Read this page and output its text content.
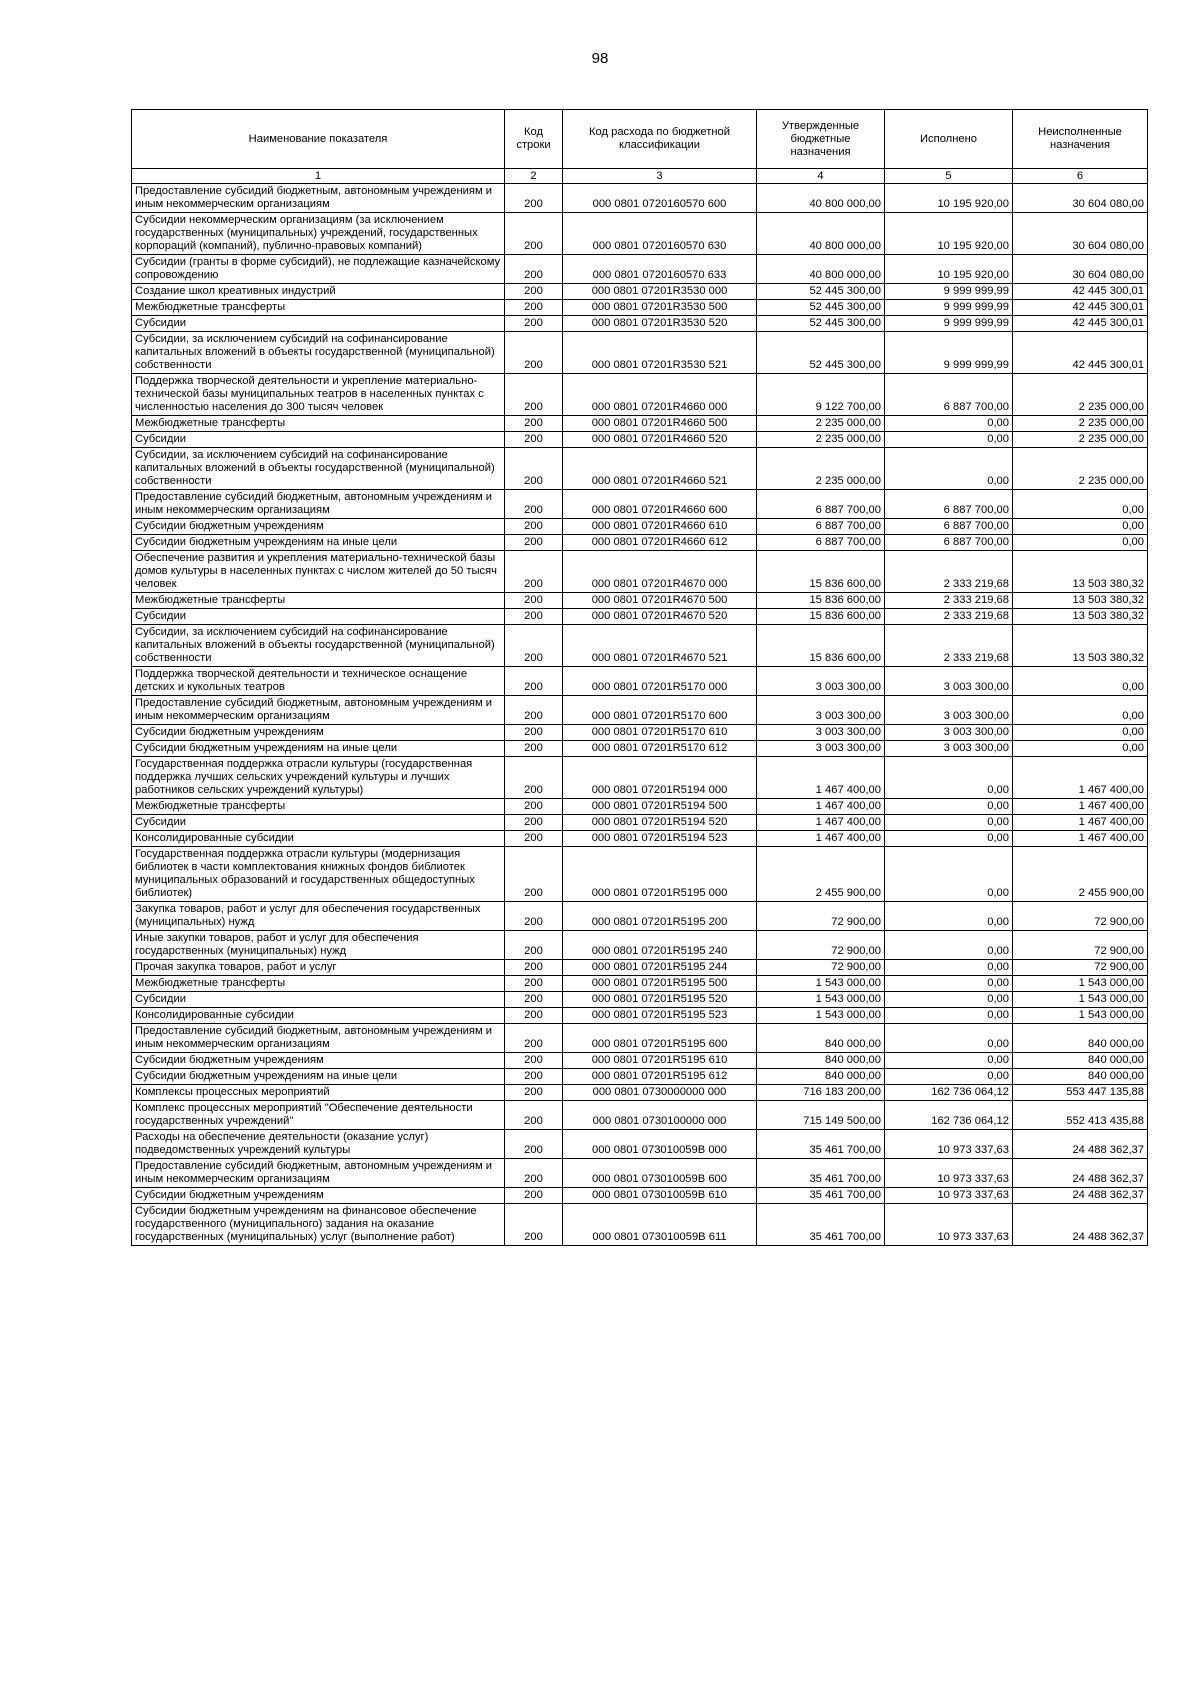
98
Наименование показателя	Код строки	Код расхода по бюджетной классификации	Утвержденные бюджетные назначения	Исполнено	Неисполненные назначения
1	2	3	4	5	6
Предоставление субсидий бюджетным, автономным учреждениям и иным некоммерческим организациям	200	000 0801 0720160570 600	40 800 000,00	10 195 920,00	30 604 080,00
Субсидии некоммерческим организациям (за исключением государственных (муниципальных) учреждений, государственных корпораций (компаний), публично-правовых компаний)	200	000 0801 0720160570 630	40 800 000,00	10 195 920,00	30 604 080,00
Субсидии (гранты в форме субсидий), не подлежащие казначейскому сопровождению	200	000 0801 0720160570 633	40 800 000,00	10 195 920,00	30 604 080,00
Создание школ креативных индустрий	200	000 0801 07201R3530 000	52 445 300,00	9 999 999,99	42 445 300,01
Межбюджетные трансферты	200	000 0801 07201R3530 500	52 445 300,00	9 999 999,99	42 445 300,01
Субсидии	200	000 0801 07201R3530 520	52 445 300,00	9 999 999,99	42 445 300,01
Субсидии, за исключением субсидий на софинансирование капитальных вложений в объекты государственной (муниципальной) собственности	200	000 0801 07201R3530 521	52 445 300,00	9 999 999,99	42 445 300,01
Поддержка творческой деятельности и укрепление материально-технической базы муниципальных театров в населенных пунктах с численностью населения до 300 тысяч человек	200	000 0801 07201R4660 000	9 122 700,00	6 887 700,00	2 235 000,00
Межбюджетные трансферты	200	000 0801 07201R4660 500	2 235 000,00	0,00	2 235 000,00
Субсидии	200	000 0801 07201R4660 520	2 235 000,00	0,00	2 235 000,00
Субсидии, за исключением субсидий на софинансирование капитальных вложений в объекты государственной (муниципальной) собственности	200	000 0801 07201R4660 521	2 235 000,00	0,00	2 235 000,00
Предоставление субсидий бюджетным, автономным учреждениям и иным некоммерческим организациям	200	000 0801 07201R4660 600	6 887 700,00	6 887 700,00	0,00
Субсидии бюджетным учреждениям	200	000 0801 07201R4660 610	6 887 700,00	6 887 700,00	0,00
Субсидии бюджетным учреждениям на иные цели	200	000 0801 07201R4660 612	6 887 700,00	6 887 700,00	0,00
Обеспечение развития и укрепления материально-технической базы домов культуры в населенных пунктах с числом жителей до 50 тысяч человек	200	000 0801 07201R4670 000	15 836 600,00	2 333 219,68	13 503 380,32
Межбюджетные трансферты	200	000 0801 07201R4670 500	15 836 600,00	2 333 219,68	13 503 380,32
Субсидии	200	000 0801 07201R4670 520	15 836 600,00	2 333 219,68	13 503 380,32
Субсидии, за исключением субсидий на софинансирование капитальных вложений в объекты государственной (муниципальной) собственности	200	000 0801 07201R4670 521	15 836 600,00	2 333 219,68	13 503 380,32
Поддержка творческой деятельности и техническое оснащение детских и кукольных театров	200	000 0801 07201R5170 000	3 003 300,00	3 003 300,00	0,00
Предоставление субсидий бюджетным, автономным учреждениям и иным некоммерческим организациям	200	000 0801 07201R5170 600	3 003 300,00	3 003 300,00	0,00
Субсидии бюджетным учреждениям	200	000 0801 07201R5170 610	3 003 300,00	3 003 300,00	0,00
Субсидии бюджетным учреждениям на иные цели	200	000 0801 07201R5170 612	3 003 300,00	3 003 300,00	0,00
Государственная поддержка отрасли культуры (государственная поддержка лучших сельских учреждений культуры и лучших работников сельских учреждений культуры)	200	000 0801 07201R5194 000	1 467 400,00	0,00	1 467 400,00
Межбюджетные трансферты	200	000 0801 07201R5194 500	1 467 400,00	0,00	1 467 400,00
Субсидии	200	000 0801 07201R5194 520	1 467 400,00	0,00	1 467 400,00
Консолидированные субсидии	200	000 0801 07201R5194 523	1 467 400,00	0,00	1 467 400,00
Государственная поддержка отрасли культуры (модернизация библиотек в части комплектования книжных фондов библиотек муниципальных образований и государственных общедоступных библиотек)	200	000 0801 07201R5195 000	2 455 900,00	0,00	2 455 900,00
Закупка товаров, работ и услуг для обеспечения государственных (муниципальных) нужд	200	000 0801 07201R5195 200	72 900,00	0,00	72 900,00
Иные закупки товаров, работ и услуг для обеспечения государственных (муниципальных) нужд	200	000 0801 07201R5195 240	72 900,00	0,00	72 900,00
Прочая закупка товаров, работ и услуг	200	000 0801 07201R5195 244	72 900,00	0,00	72 900,00
Межбюджетные трансферты	200	000 0801 07201R5195 500	1 543 000,00	0,00	1 543 000,00
Субсидии	200	000 0801 07201R5195 520	1 543 000,00	0,00	1 543 000,00
Консолидированные субсидии	200	000 0801 07201R5195 523	1 543 000,00	0,00	1 543 000,00
Предоставление субсидий бюджетным, автономным учреждениям и иным некоммерческим организациям	200	000 0801 07201R5195 600	840 000,00	0,00	840 000,00
Субсидии бюджетным учреждениям	200	000 0801 07201R5195 610	840 000,00	0,00	840 000,00
Субсидии бюджетным учреждениям на иные цели	200	000 0801 07201R5195 612	840 000,00	0,00	840 000,00
Комплексы процессных мероприятий	200	000 0801 0730000000 000	716 183 200,00	162 736 064,12	553 447 135,88
Комплекс процессных мероприятий "Обеспечение деятельности государственных учреждений"	200	000 0801 0730100000 000	715 149 500,00	162 736 064,12	552 413 435,88
Расходы на обеспечение деятельности (оказание услуг) подведомственных учреждений культуры	200	000 0801 073010059В 000	35 461 700,00	10 973 337,63	24 488 362,37
Предоставление субсидий бюджетным, автономным учреждениям и иным некоммерческим организациям	200	000 0801 073010059В 600	35 461 700,00	10 973 337,63	24 488 362,37
Субсидии бюджетным учреждениям	200	000 0801 073010059В 610	35 461 700,00	10 973 337,63	24 488 362,37
Субсидии бюджетным учреждениям на финансовое обеспечение государственного (муниципального) задания на оказание государственных (муниципальных) услуг (выполнение работ)	200	000 0801 073010059В 611	35 461 700,00	10 973 337,63	24 488 362,37
